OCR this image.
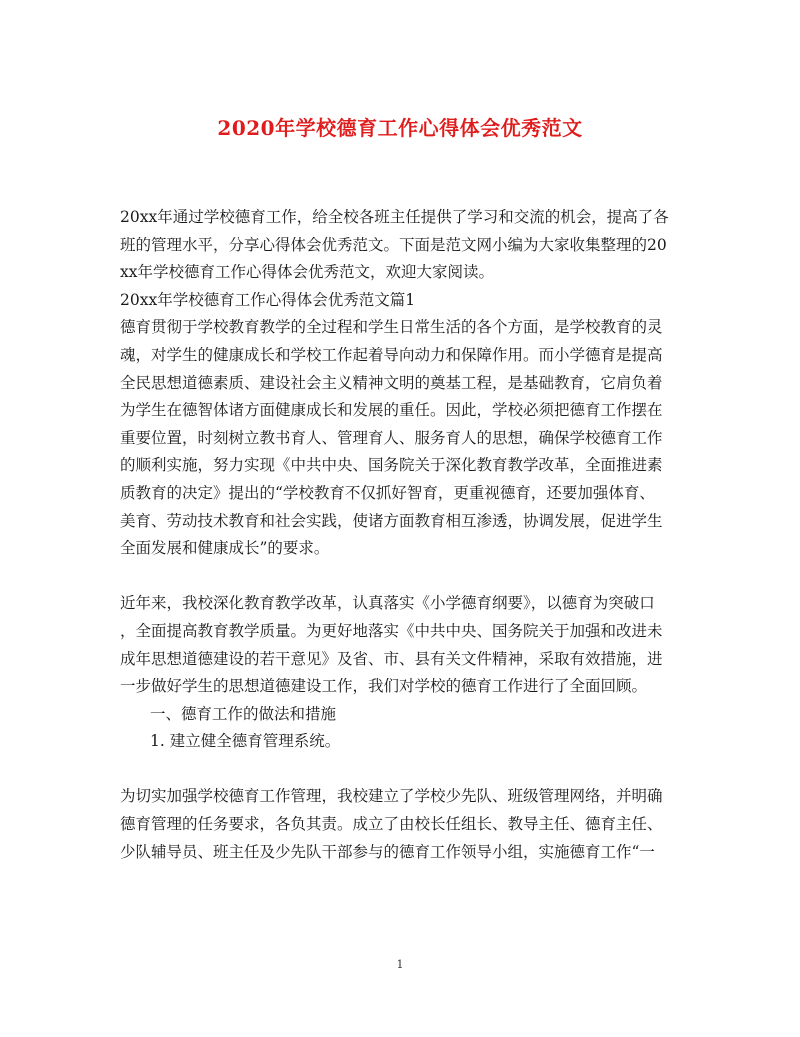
2020年学校德育工作心得体会优秀范文
20xx年通过学校德育工作，给全校各班主任提供了学习和交流的机会，提高了各
班的管理水平，分享心得体会优秀范文。下面是范文网小编为大家收集整理的20
xx年学校德育工作心得体会优秀范文，欢迎大家阅读。
20xx年学校德育工作心得体会优秀范文篇1
德育贯彻于学校教育教学的全过程和学生日常生活的各个方面，是学校教育的灵
魂，对学生的健康成长和学校工作起着导向动力和保障作用。而小学德育是提高
全民思想道德素质、建设社会主义精神文明的奠基工程，是基础教育，它肩负着
为学生在德智体诸方面健康成长和发展的重任。因此，学校必须把德育工作摆在
重要位置，时刻树立教书育人、管理育人、服务育人的思想，确保学校德育工作
的顺利实施，努力实现《中共中央、国务院关于深化教育教学改革，全面推进素
质教育的决定》提出的“学校教育不仅抓好智育，更重视德育，还要加强体育、
美育、劳动技术教育和社会实践，使诸方面教育相互渗透，协调发展，促进学生
全面发展和健康成长”的要求。
近年来，我校深化教育教学改革，认真落实《小学德育纲要》，以德育为突破口
，全面提高教育教学质量。为更好地落实《中共中央、国务院关于加强和改进未
成年思想道德建设的若干意见》及省、市、县有关文件精神，采取有效措施，进
一步做好学生的思想道德建设工作，我们对学校的德育工作进行了全面回顾。
一、德育工作的做法和措施
1. 建立健全德育管理系统。
为切实加强学校德育工作管理，我校建立了学校少先队、班级管理网络，并明确
德育管理的任务要求，各负其责。成立了由校长任组长、教导主任、德育主任、
少队辅导员、班主任及少先队干部参与的德育工作领导小组，实施德育工作“一
1
